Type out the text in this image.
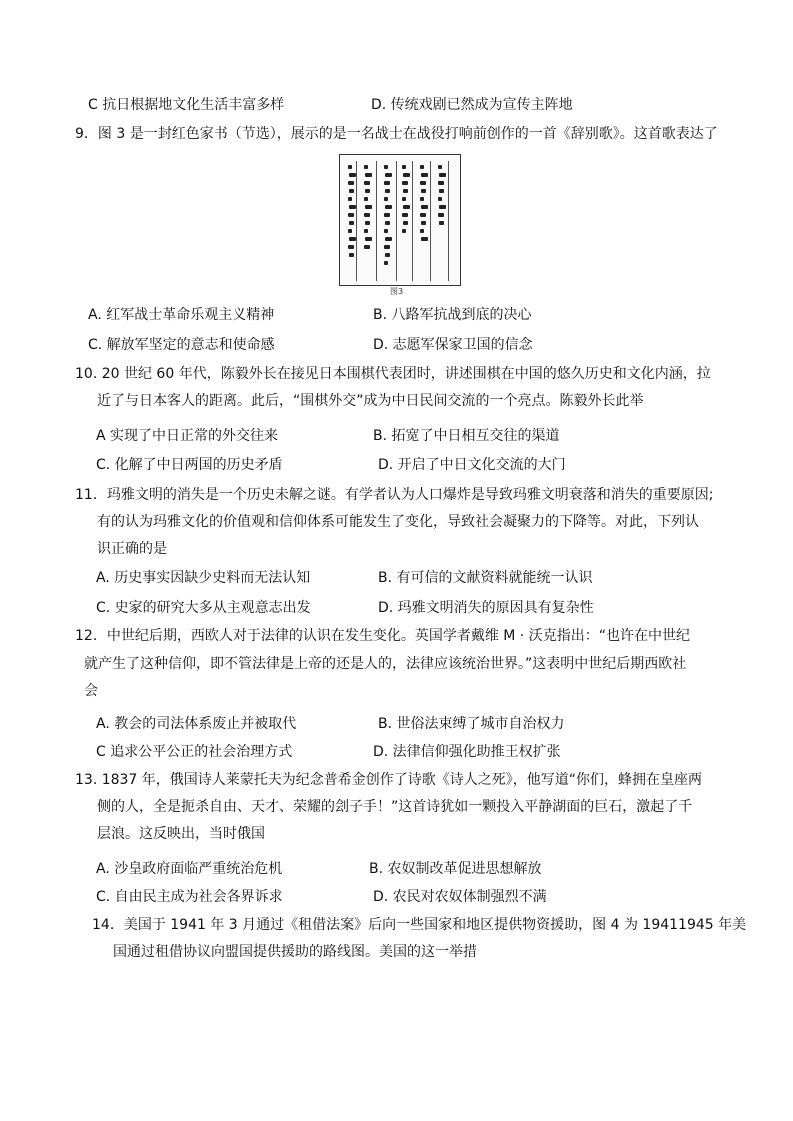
C 抗日根据地文化生活丰富多样	D. 传统戏剧已然成为宣传主阵地
9．图 3 是一封红色家书（节选），展示的是一名战士在战役打响前创作的一首《辞别歌》。这首歌表达了
图3
A. 红军战士革命乐观主义精神	B. 八路军抗战到底的决心
C. 解放军坚定的意志和使命感	D. 志愿军保家卫国的信念
10. 20 世纪 60 年代，陈毅外长在接见日本围棋代表团时，讲述围棋在中国的悠久历史和文化内涵，拉
近了与日本客人的距离。此后，“围棋外交”成为中日民间交流的一个亮点。陈毅外长此举
A 实现了中日正常的外交往来	B. 拓宽了中日相互交往的渠道
C. 化解了中日两国的历史矛盾	D. 开启了中日文化交流的大门
11．玛雅文明的消失是一个历史未解之谜。有学者认为人口爆炸是导致玛雅文明衰落和消失的重要原因;
有的认为玛雅文化的价值观和信仰体系可能发生了变化，导致社会凝聚力的下降等。对此，下列认
识正确的是
A. 历史事实因缺少史料而无法认知	B. 有可信的文献资料就能统一认识
C. 史家的研究大多从主观意志出发	D. 玛雅文明消失的原因具有复杂性
12．中世纪后期，西欧人对于法律的认识在发生变化。英国学者戴维 M · 沃克指出：“也许在中世纪
就产生了这种信仰，即不管法律是上帝的还是人的，法律应该统治世界。”这表明中世纪后期西欧社
会
A. 教会的司法体系废止并被取代	B. 世俗法束缚了城市自治权力
C 追求公平公正的社会治理方式	D. 法律信仰强化助推王权扩张
13. 1837 年，俄国诗人莱蒙托夫为纪念普希金创作了诗歌《诗人之死》，他写道“你们，蜂拥在皇座两
侧的人，全是扼杀自由、天才、荣耀的刽子手！”这首诗犹如一颗投入平静湖面的巨石，激起了千
层浪。这反映出，当时俄国
A. 沙皇政府面临严重统治危机	B. 农奴制改革促进思想解放
C. 自由民主成为社会各界诉求	D. 农民对农奴体制强烈不满
14．美国于 1941 年 3 月通过《租借法案》后向一些国家和地区提供物资援助，图 4 为 19411945 年美
国通过租借协议向盟国提供援助的路线图。美国的这一举措
